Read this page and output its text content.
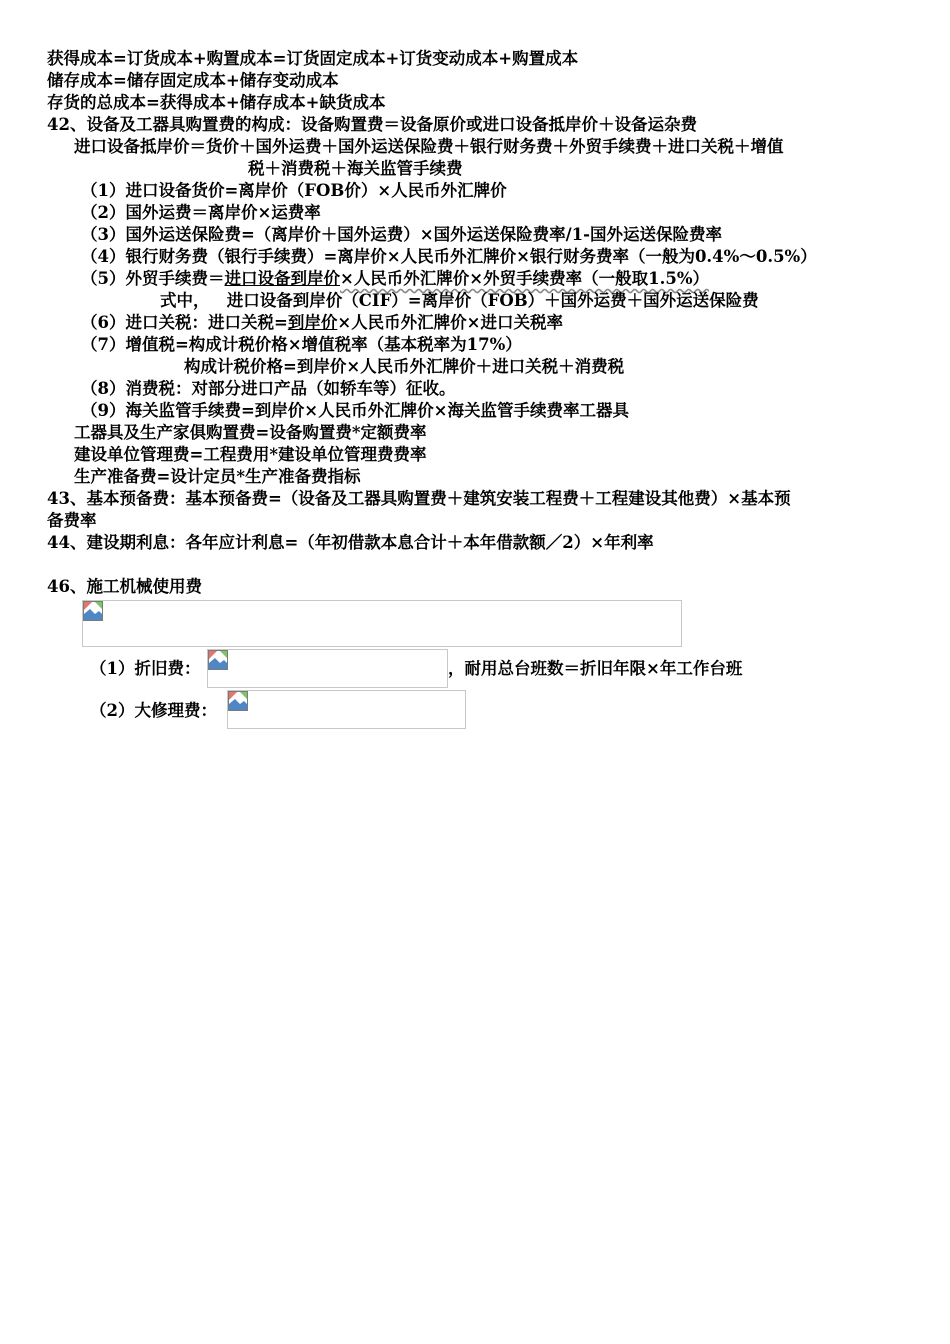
获得成本=订货成本+购置成本=订货固定成本+订货变动成本+购置成本
储存成本=储存固定成本+储存变动成本
存货的总成本=获得成本+储存成本+缺货成本
42、设备及工器具购置费的构成：设备购置费＝设备原价或进口设备抵岸价＋设备运杂费
进口设备抵岸价＝货价＋国外运费＋国外运送保险费＋银行财务费＋外贸手续费＋进口关税＋增值
税＋消费税＋海关监管手续费
（1）进口设备货价=离岸价（FOB价）×人民币外汇牌价
（2）国外运费＝离岸价×运费率
（3）国外运送保险费=（离岸价＋国外运费）×国外运送保险费率/1-国外运送保险费率
（4）银行财务费（银行手续费）=离岸价×人民币外汇牌价×银行财务费率（一般为0.4%～0.5%）
（5）外贸手续费＝进口设备到岸价×人民币外汇牌价×外贸手续费率（一般取1.5%）
式中，   进口设备到岸价（CIF）=离岸价（FOB）＋国外运费＋国外运送保险费
（6）进口关税：进口关税=到岸价×人民币外汇牌价×进口关税率
（7）增值税=构成计税价格×增值税率（基本税率为17%）
构成计税价格=到岸价×人民币外汇牌价＋进口关税＋消费税
（8）消费税：对部分进口产品（如轿车等）征收。
（9）海关监管手续费=到岸价×人民币外汇牌价×海关监管手续费率工器具
工器具及生产家俱购置费=设备购置费*定额费率
建设单位管理费=工程费用*建设单位管理费费率
生产准备费=设计定员*生产准备费指标
43、基本预备费：基本预备费=（设备及工器具购置费＋建筑安装工程费＋工程建设其他费）×基本预
备费率
44、建设期利息：各年应计利息=（年初借款本息合计＋本年借款额／2）×年利率
46、施工机械使用费
（1）折旧费：	，耐用总台班数＝折旧年限×年工作台班
（2）大修理费：
